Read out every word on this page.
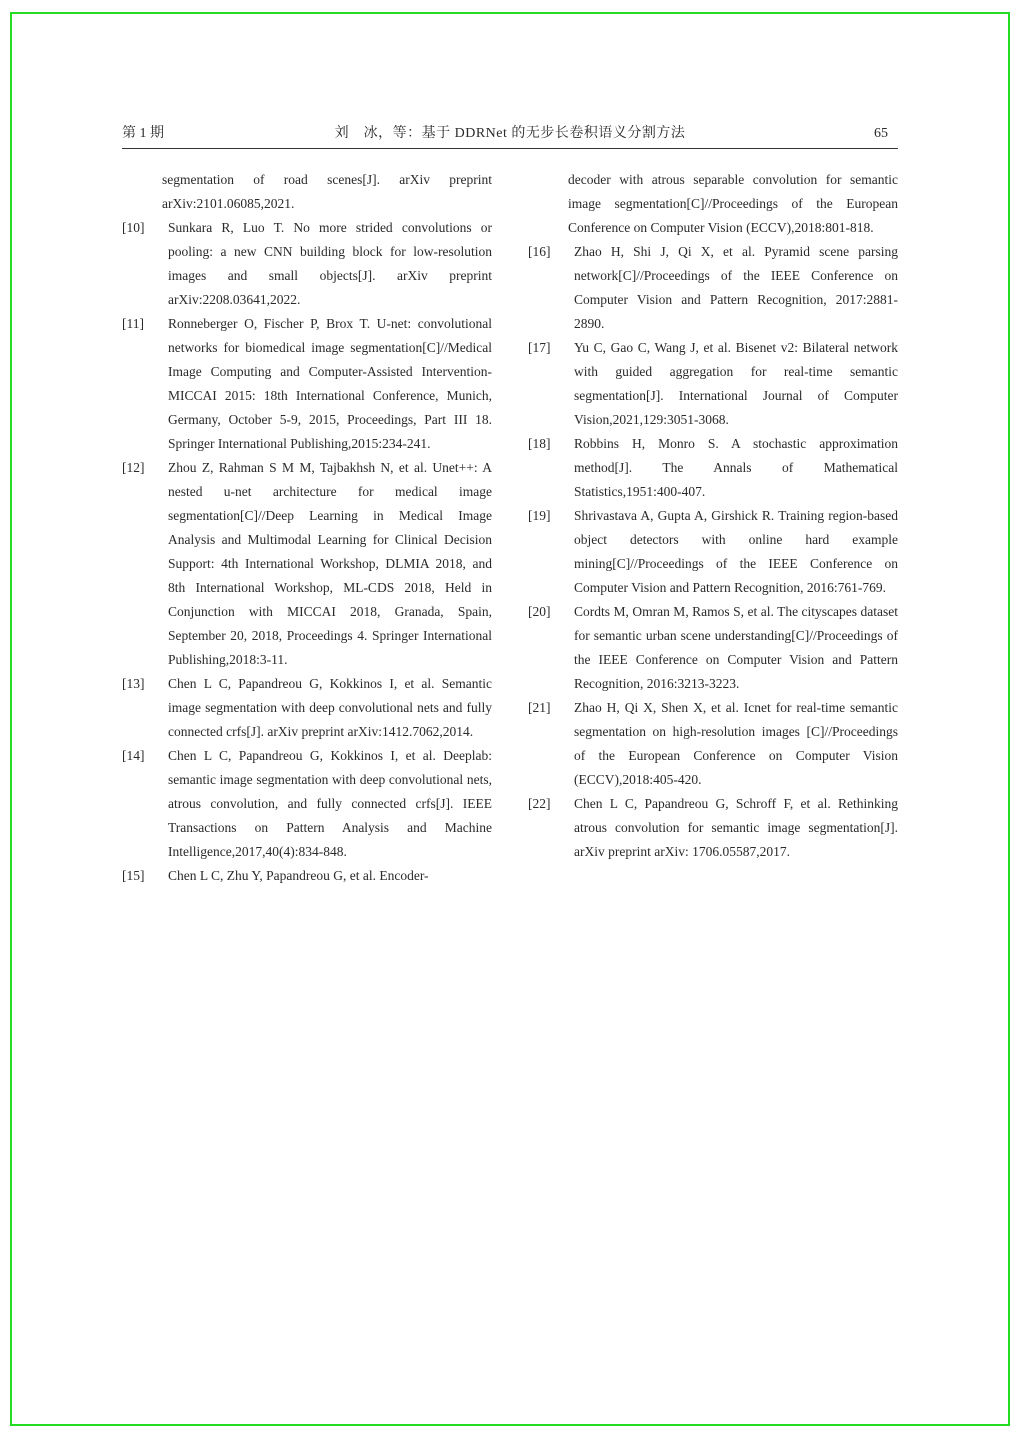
第 1 期	刘　冰，等：基于 DDRNet 的无步长卷积语义分割方法	65
segmentation of road scenes[J]. arXiv preprint arXiv:2101.06085,2021.
[10] Sunkara R, Luo T. No more strided convolutions or pooling: a new CNN building block for low-resolution images and small objects[J]. arXiv preprint arXiv:2208.03641,2022.
[11] Ronneberger O, Fischer P, Brox T. U-net: convolutional networks for biomedical image segmentation[C]//Medical Image Computing and Computer-Assisted Intervention-MICCAI 2015: 18th International Conference, Munich, Germany, October 5-9, 2015, Proceedings, Part III 18. Springer International Publishing,2015:234-241.
[12] Zhou Z, Rahman S M M, Tajbakhsh N, et al. Unet++: A nested u-net architecture for medical image segmentation[C]//Deep Learning in Medical Image Analysis and Multimodal Learning for Clinical Decision Support: 4th International Workshop, DLMIA 2018, and 8th International Workshop, ML-CDS 2018, Held in Conjunction with MICCAI 2018, Granada, Spain, September 20, 2018, Proceedings 4. Springer International Publishing,2018:3-11.
[13] Chen L C, Papandreou G, Kokkinos I, et al. Semantic image segmentation with deep convolutional nets and fully connected crfs[J]. arXiv preprint arXiv:1412.7062,2014.
[14] Chen L C, Papandreou G, Kokkinos I, et al. Deeplab: semantic image segmentation with deep convolutional nets, atrous convolution, and fully connected crfs[J]. IEEE Transactions on Pattern Analysis and Machine Intelligence,2017,40(4):834-848.
[15] Chen L C, Zhu Y, Papandreou G, et al. Encoder-
decoder with atrous separable convolution for semantic image segmentation[C]//Proceedings of the European Conference on Computer Vision (ECCV),2018:801-818.
[16] Zhao H, Shi J, Qi X, et al. Pyramid scene parsing network[C]//Proceedings of the IEEE Conference on Computer Vision and Pattern Recognition, 2017:2881-2890.
[17] Yu C, Gao C, Wang J, et al. Bisenet v2: Bilateral network with guided aggregation for real-time semantic segmentation[J]. International Journal of Computer Vision,2021,129:3051-3068.
[18] Robbins H, Monro S. A stochastic approximation method[J]. The Annals of Mathematical Statistics,1951:400-407.
[19] Shrivastava A, Gupta A, Girshick R. Training region-based object detectors with online hard example mining[C]//Proceedings of the IEEE Conference on Computer Vision and Pattern Recognition, 2016:761-769.
[20] Cordts M, Omran M, Ramos S, et al. The cityscapes dataset for semantic urban scene understanding[C]//Proceedings of the IEEE Conference on Computer Vision and Pattern Recognition, 2016:3213-3223.
[21] Zhao H, Qi X, Shen X, et al. Icnet for real-time semantic segmentation on high-resolution images [C]//Proceedings of the European Conference on Computer Vision (ECCV),2018:405-420.
[22] Chen L C, Papandreou G, Schroff F, et al. Rethinking atrous convolution for semantic image segmentation[J]. arXiv preprint arXiv: 1706.05587,2017.
